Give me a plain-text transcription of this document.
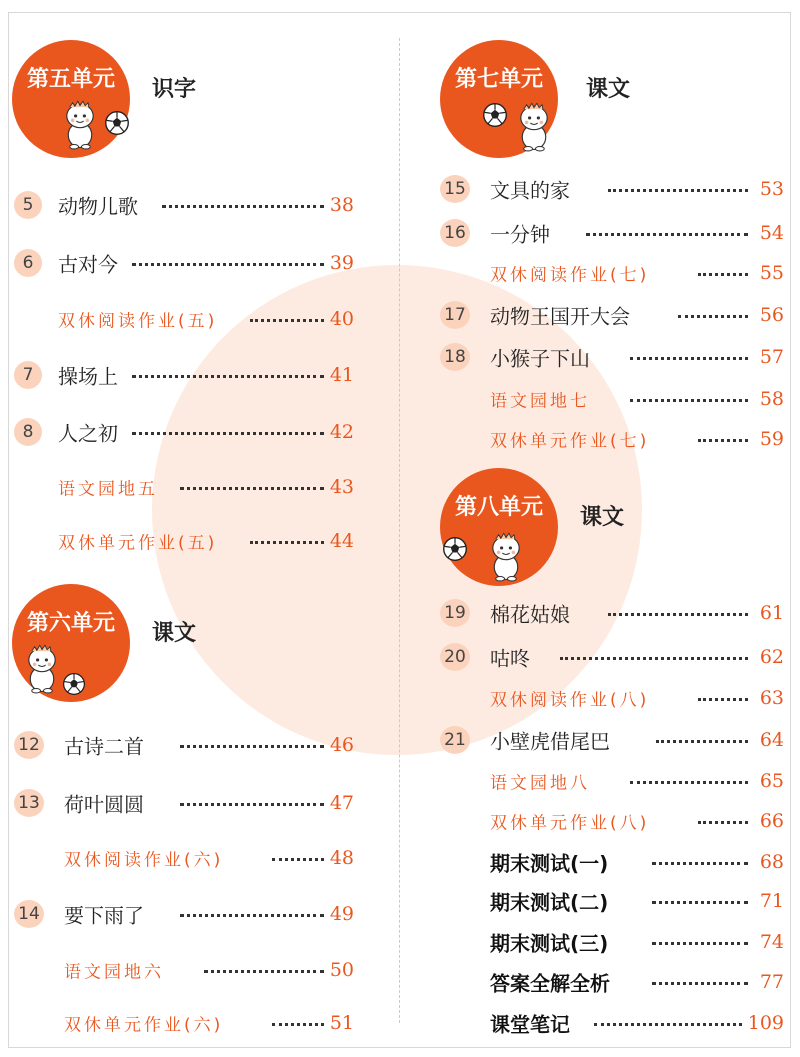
第五单元	识字
5	动物儿歌	38
6	古对今	39
双休阅读作业(五)	40
7	操场上	41
8	人之初	42
语文园地五	43
双休单元作业(五)	44
第六单元	课文
12 古诗二首	46
13 荷叶圆圆	47
双休阅读作业(六)	48
14 要下雨了	49
语文园地六	50
双休单元作业(六)	51
第七单元	课文
15 文具的家	53
16 一分钟	54
双休阅读作业(七)	55
17 动物王国开大会	56
18 小猴子下山	57
语文园地七	58
双休单元作业(七)	59
第八单元	课文
19 棉花姑娘	61
20 咕咚	62
双休阅读作业(八)	63
21 小壁虎借尾巴	64
语文园地八	65
双休单元作业(八)	66
期末测试(一)	68
期末测试(二)	71
期末测试(三)	74
答案全解全析	77
课堂笔记	109
